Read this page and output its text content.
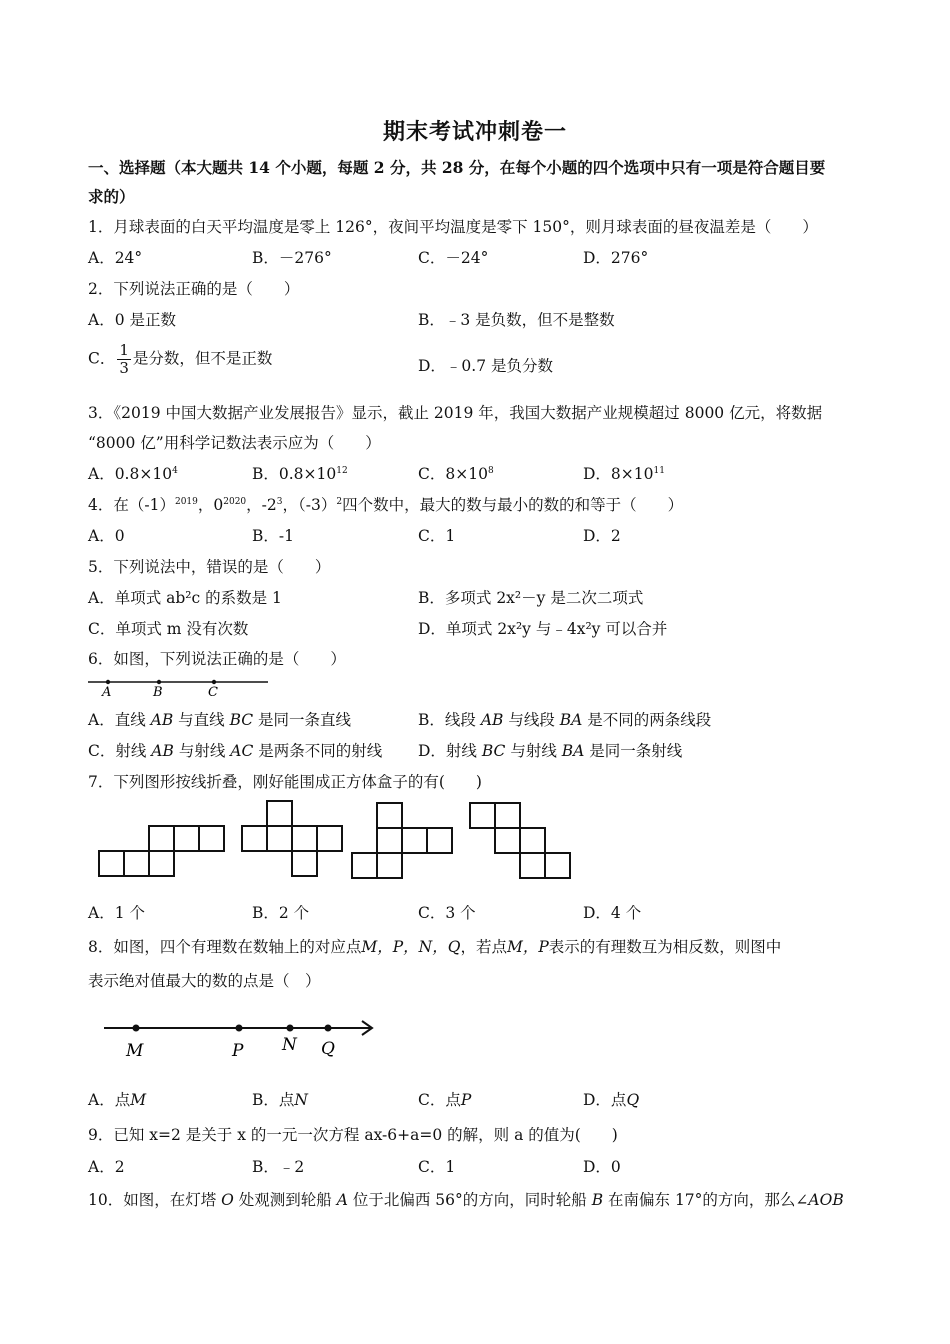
期末考试冲刺卷一
一、选择题（本大题共 14 个小题，每题 2 分，共 28 分，在每个小题的四个选项中只有一项是符合题目要
求的）
1．月球表面的白天平均温度是零上 126°，夜间平均温度是零下 150°，则月球表面的昼夜温差是（　　）
A．24°	B．－276°	C．－24°	D．276°
2．下列说法正确的是（　　）
A．0 是正数	B．﹣3 是负数，但不是整数
C． $\frac{1}{3}$ 是分数，但不是正数	D．﹣0.7 是负分数
3．《2019 中国大数据产业发展报告》显示，截止 2019 年，我国大数据产业规模超过 8000 亿元，将数据
“8000 亿”用科学记数法表示应为（　　）
A．$0.8\times 10^4$	B．$0.8\times 10^{12}$	C．$8\times 10^8$	D．$8\times 10^{11}$
4．在$(-1)^{2019}$，$0^{2020}$，$-2^3$，$(-3)^2$四个数中，最大的数与最小的数的和等于（　　）
A．0	B．-1	C．1	D．2
5．下列说法中，错误的是（　　）
A．单项式 ab²c 的系数是 1	B．多项式 2x²－y 是二次二项式
C．单项式 m 没有次数	D．单项式 2x²y 与﹣4x²y 可以合并
6．如图，下列说法正确的是（　　）
A	B	C
A．直线 AB 与直线 BC 是同一条直线	B．线段 AB 与线段 BA 是不同的两条线段
C．射线 AB 与射线 AC 是两条不同的射线 D．射线 BC 与射线 BA 是同一条射线
7．下列图形按线折叠，刚好能围成正方体盒子的有(　　)
A．1 个	B．2 个	C．3 个	D．4 个
8．如图，四个有理数在数轴上的对应点M，P，N，Q，若点M，P表示的有理数互为相反数，则图中
表示绝对值最大的数的点是（　）
M	P N Q
A．点M	B．点N	C．点P	D．点Q
9．已知 x=2 是关于 x 的一元一次方程 ax-6+a=0 的解，则 a 的值为(　　)
A．2	B．﹣2	C．1	D．0
10．如图，在灯塔 O 处观测到轮船 A 位于北偏西 56°的方向，同时轮船 B 在南偏东 17°的方向，那么∠AOB
